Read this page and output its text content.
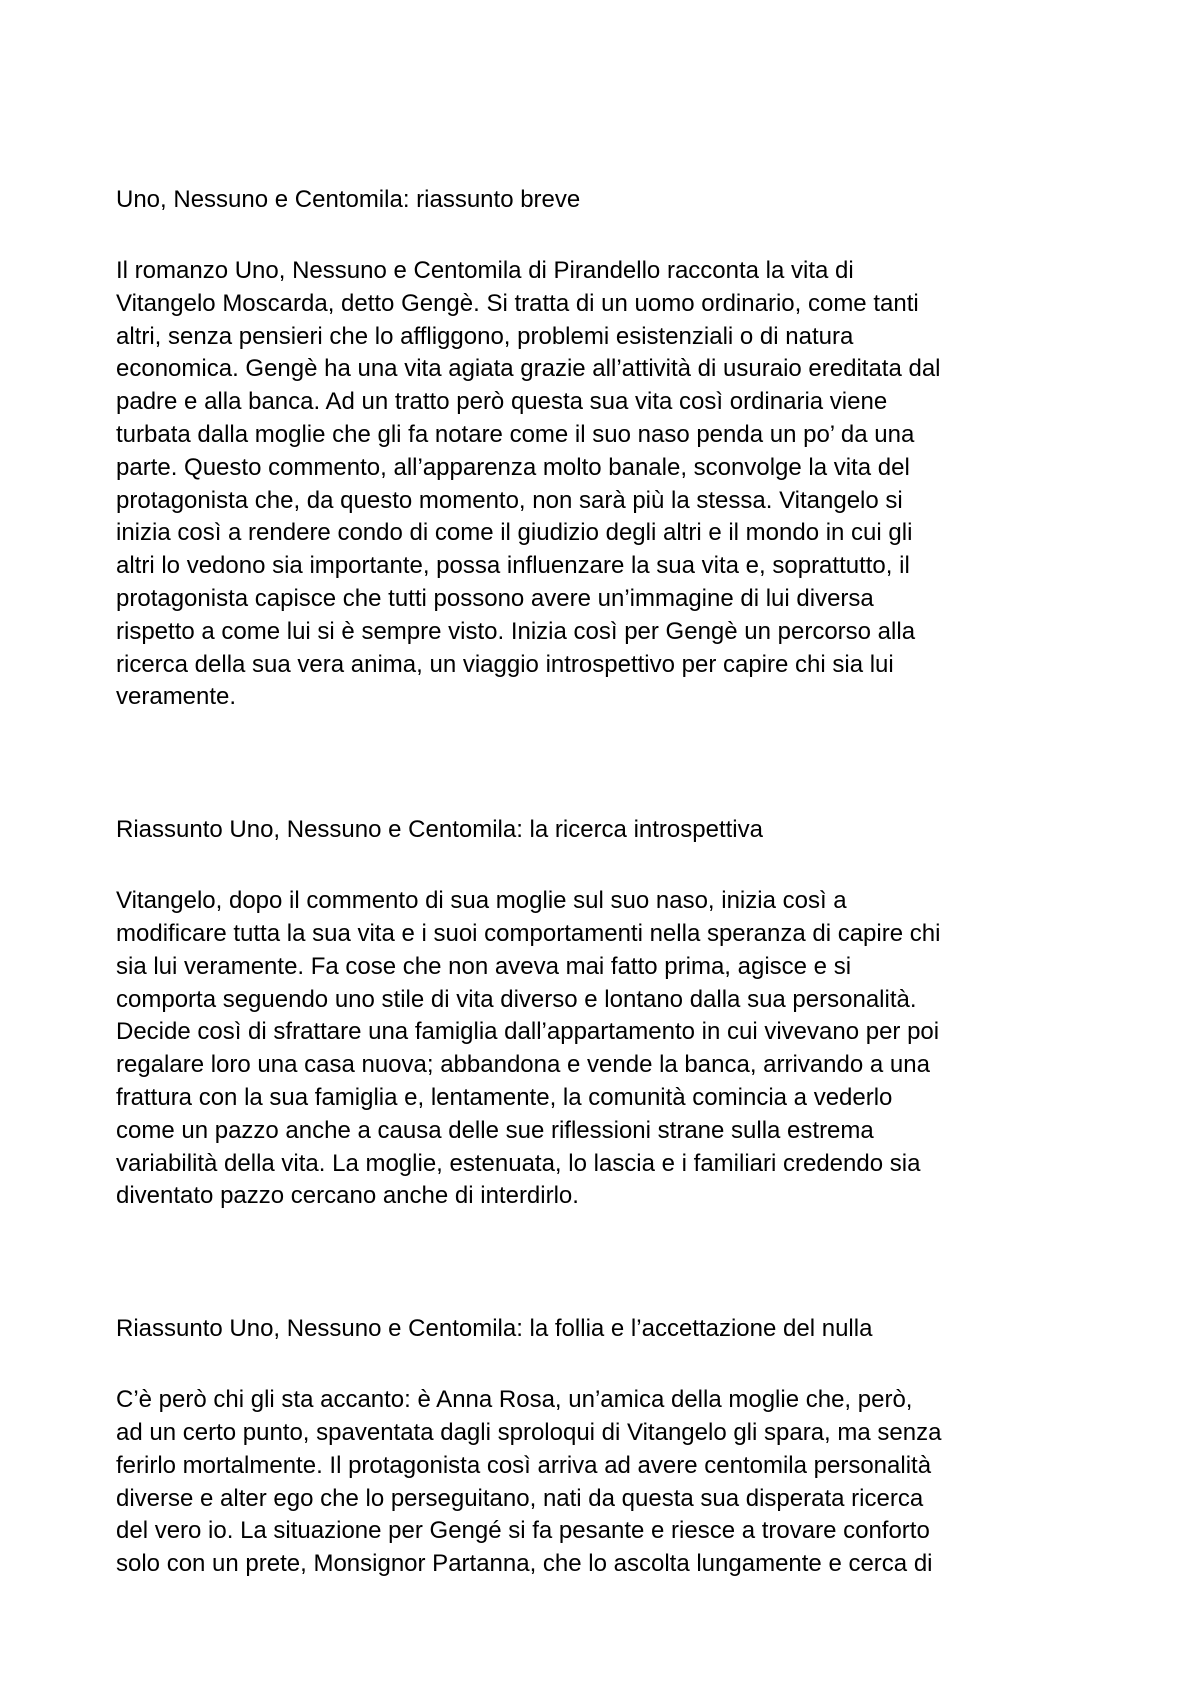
Uno, Nessuno e Centomila: riassunto breve

Il romanzo Uno, Nessuno e Centomila di Pirandello racconta la vita di
Vitangelo Moscarda, detto Gengè. Si tratta di un uomo ordinario, come tanti
altri, senza pensieri che lo affliggono, problemi esistenziali o di natura
economica. Gengè ha una vita agiata grazie all’attività di usuraio ereditata dal
padre e alla banca. Ad un tratto però questa sua vita così ordinaria viene
turbata dalla moglie che gli fa notare come il suo naso penda un po’ da una
parte. Questo commento, all’apparenza molto banale, sconvolge la vita del
protagonista che, da questo momento, non sarà più la stessa. Vitangelo si
inizia così a rendere condo di come il giudizio degli altri e il mondo in cui gli
altri lo vedono sia importante, possa influenzare la sua vita e, soprattutto, il
protagonista capisce che tutti possono avere un’immagine di lui diversa
rispetto a come lui si è sempre visto. Inizia così per Gengè un percorso alla
ricerca della sua vera anima, un viaggio introspettivo per capire chi sia lui
veramente.

Riassunto Uno, Nessuno e Centomila: la ricerca introspettiva

Vitangelo, dopo il commento di sua moglie sul suo naso, inizia così a
modificare tutta la sua vita e i suoi comportamenti nella speranza di capire chi
sia lui veramente. Fa cose che non aveva mai fatto prima, agisce e si
comporta seguendo uno stile di vita diverso e lontano dalla sua personalità.
Decide così di sfrattare una famiglia dall’appartamento in cui vivevano per poi
regalare loro una casa nuova; abbandona e vende la banca, arrivando a una
frattura con la sua famiglia e, lentamente, la comunità comincia a vederlo
come un pazzo anche a causa delle sue riflessioni strane sulla estrema
variabilità della vita. La moglie, estenuata, lo lascia e i familiari credendo sia
diventato pazzo cercano anche di interdirlo.

Riassunto Uno, Nessuno e Centomila: la follia e l’accettazione del nulla

C’è però chi gli sta accanto: è Anna Rosa, un’amica della moglie che, però,
ad un certo punto, spaventata dagli sproloqui di Vitangelo gli spara, ma senza
ferirlo mortalmente. Il protagonista così arriva ad avere centomila personalità
diverse e alter ego che lo perseguitano, nati da questa sua disperata ricerca
del vero io. La situazione per Gengé si fa pesante e riesce a trovare conforto
solo con un prete, Monsignor Partanna, che lo ascolta lungamente e cerca di
